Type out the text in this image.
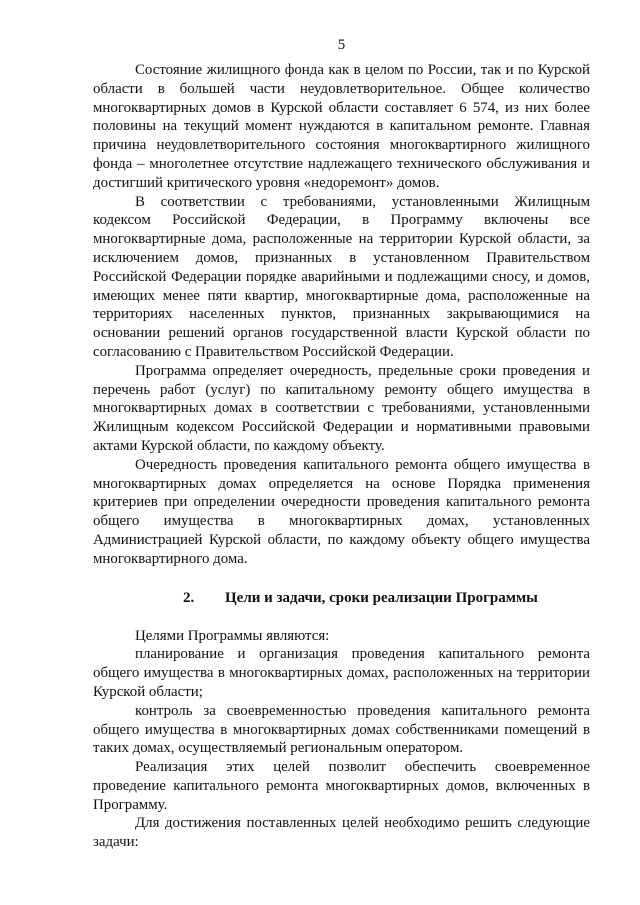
5

Состояние жилищного фонда как в целом по России, так и по Курской области в большей части неудовлетворительное. Общее количество многоквартирных домов в Курской области составляет 6 574, из них более половины на текущий момент нуждаются в капитальном ремонте. Главная причина неудовлетворительного состояния многоквартирного жилищного фонда – многолетнее отсутствие надлежащего технического обслуживания и достигший критического уровня «недоремонт» домов.

В соответствии с требованиями, установленными Жилищным кодексом Российской Федерации, в Программу включены все многоквартирные дома, расположенные на территории Курской области, за исключением домов, признанных в установленном Правительством Российской Федерации порядке аварийными и подлежащими сносу, и домов, имеющих менее пяти квартир, многоквартирные дома, расположенные на территориях населенных пунктов, признанных закрывающимися на основании решений органов государственной власти Курской области по согласованию с Правительством Российской Федерации.

Программа определяет очередность, предельные сроки проведения и перечень работ (услуг) по капитальному ремонту общего имущества в многоквартирных домах в соответствии с требованиями, установленными Жилищным кодексом Российской Федерации и нормативными правовыми актами Курской области, по каждому объекту.

Очередность проведения капитального ремонта общего имущества в многоквартирных домах определяется на основе Порядка применения критериев при определении очередности проведения капитального ремонта общего имущества в многоквартирных домах, установленных Администрацией Курской области, по каждому объекту общего имущества многоквартирного дома.

2. Цели и задачи, сроки реализации Программы

Целями Программы являются:

планирование и организация проведения капитального ремонта общего имущества в многоквартирных домах, расположенных на территории Курской области;

контроль за своевременностью проведения капитального ремонта общего имущества в многоквартирных домах собственниками помещений в таких домах, осуществляемый региональным оператором.

Реализация этих целей позволит обеспечить своевременное проведение капитального ремонта многоквартирных домов, включенных в Программу.

Для достижения поставленных целей необходимо решить следующие задачи:
